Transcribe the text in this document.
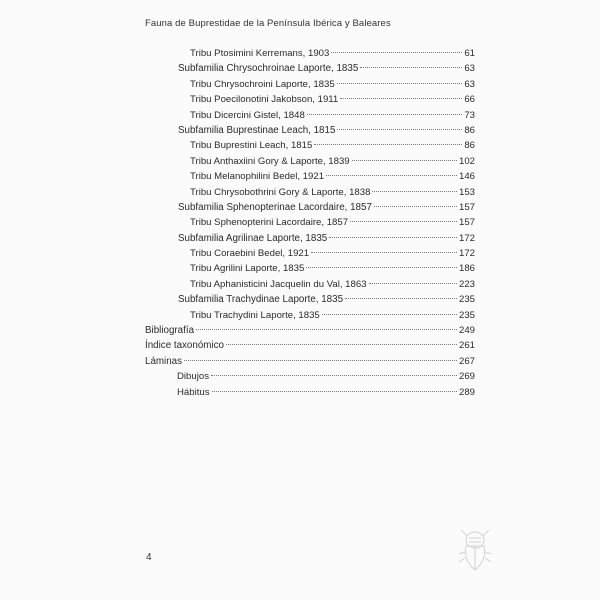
Fauna de Buprestidae de la Península Ibérica y Baleares
Tribu Ptosimini Kerremans, 1903	61
Subfamilia Chrysochroinae Laporte, 1835	63
Tribu Chrysochroini Laporte, 1835	63
Tribu Poecilonotini Jakobson, 1911	66
Tribu Dicercini Gistel, 1848	73
Subfamilia Buprestinae Leach, 1815	86
Tribu Buprestini Leach, 1815	86
Tribu Anthaxiini Gory & Laporte, 1839	102
Tribu Melanophilini Bedel, 1921	146
Tribu Chrysobothrini Gory & Laporte, 1838	153
Subfamilia Sphenopterinae Lacordaire, 1857	157
Tribu Sphenopterini Lacordaire, 1857	157
Subfamilia Agrilinae Laporte, 1835	172
Tribu Coraebini Bedel, 1921	172
Tribu Agrilini Laporte, 1835	186
Tribu Aphanisticini Jacquelin du Val, 1863	223
Subfamilia Trachydinae Laporte, 1835	235
Tribu Trachydini Laporte, 1835	235
Bibliografía	249
Índice taxonómico	261
Láminas	267
Dibujos	269
Hábitus	289
4
